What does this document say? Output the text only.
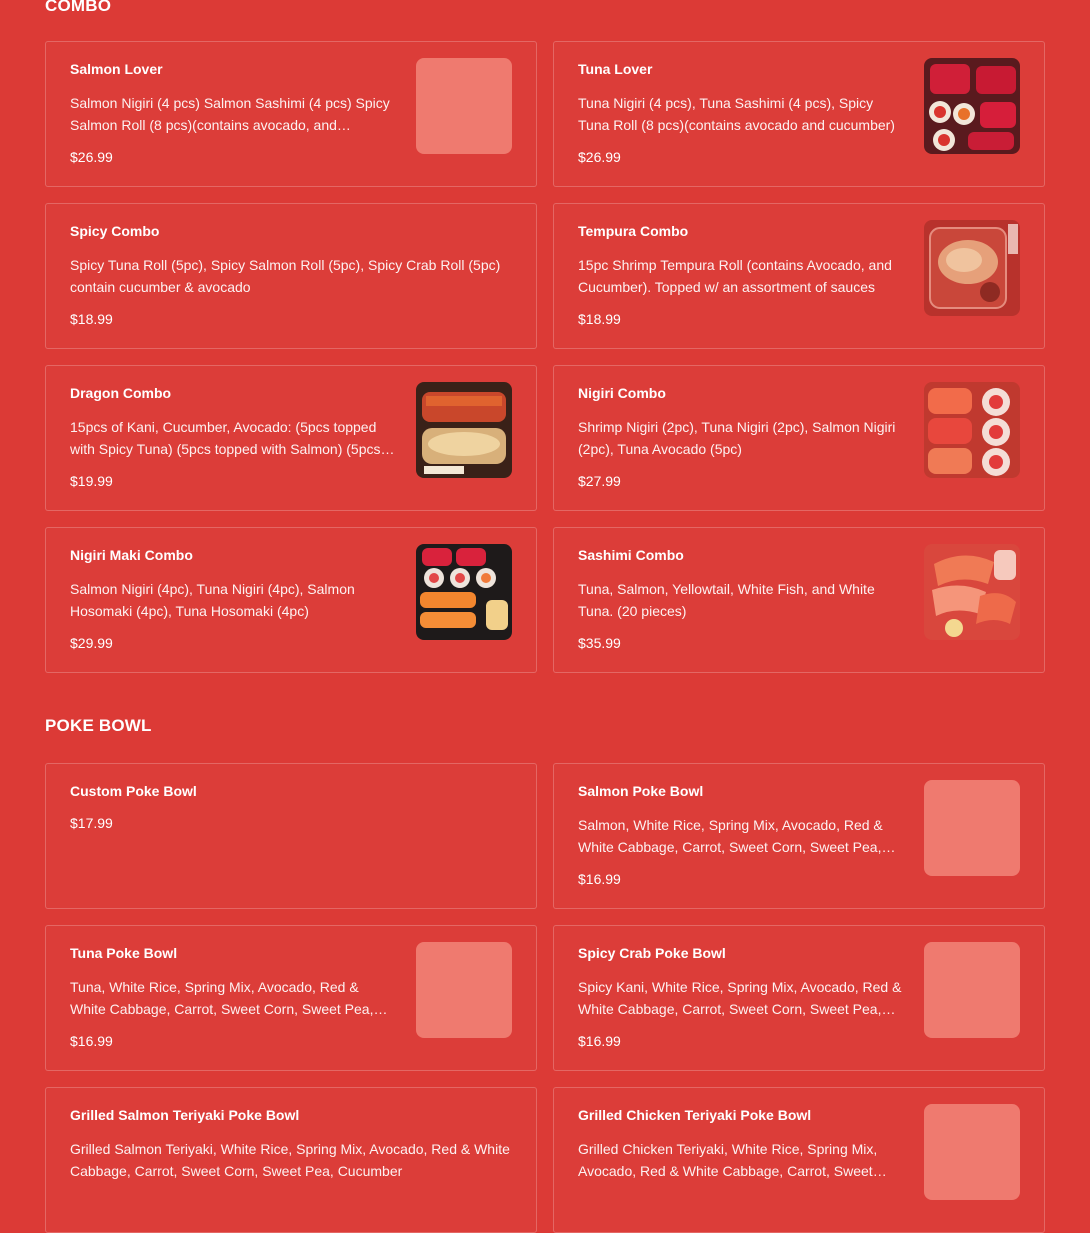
COMBO
Salmon Lover
Salmon Nigiri (4 pcs) Salmon Sashimi (4 pcs) Spicy Salmon Roll (8 pcs)(contains avocado, and
$26.99
Tuna Lover
Tuna Nigiri (4 pcs), Tuna Sashimi (4 pcs), Spicy Tuna Roll (8 pcs)(contains avocado and cucumber)
$26.99
Spicy Combo
Spicy Tuna Roll (5pc), Spicy Salmon Roll (5pc), Spicy Crab Roll (5pc) contain cucumber & avocado
$18.99
Tempura Combo
15pc Shrimp Tempura Roll (contains Avocado, and Cucumber). Topped w/ an assortment of sauces
$18.99
Dragon Combo
15pcs of Kani, Cucumber, Avocado: (5pcs topped with Spicy Tuna) (5pcs topped with Salmon) (5pcs
$19.99
Nigiri Combo
Shrimp Nigiri (2pc), Tuna Nigiri (2pc), Salmon Nigiri (2pc), Tuna Avocado (5pc)
$27.99
Nigiri Maki Combo
Salmon Nigiri (4pc), Tuna Nigiri (4pc), Salmon Hosomaki (4pc), Tuna Hosomaki (4pc)
$29.99
Sashimi Combo
Tuna, Salmon, Yellowtail, White Fish, and White Tuna. (20 pieces)
$35.99
POKE BOWL
Custom Poke Bowl
$17.99
Salmon Poke Bowl
Salmon, White Rice, Spring Mix, Avocado, Red & White Cabbage, Carrot, Sweet Corn, Sweet Pea,
$16.99
Tuna Poke Bowl
Tuna, White Rice, Spring Mix, Avocado, Red & White Cabbage, Carrot, Sweet Corn, Sweet Pea,
$16.99
Spicy Crab Poke Bowl
Spicy Kani, White Rice, Spring Mix, Avocado, Red & White Cabbage, Carrot, Sweet Corn, Sweet Pea,
$16.99
Grilled Salmon Teriyaki Poke Bowl
Grilled Salmon Teriyaki, White Rice, Spring Mix, Avocado, Red & White Cabbage, Carrot, Sweet Corn, Sweet Pea, Cucumber
Grilled Chicken Teriyaki Poke Bowl
Grilled Chicken Teriyaki, White Rice, Spring Mix, Avocado, Red & White Cabbage, Carrot, Sweet
